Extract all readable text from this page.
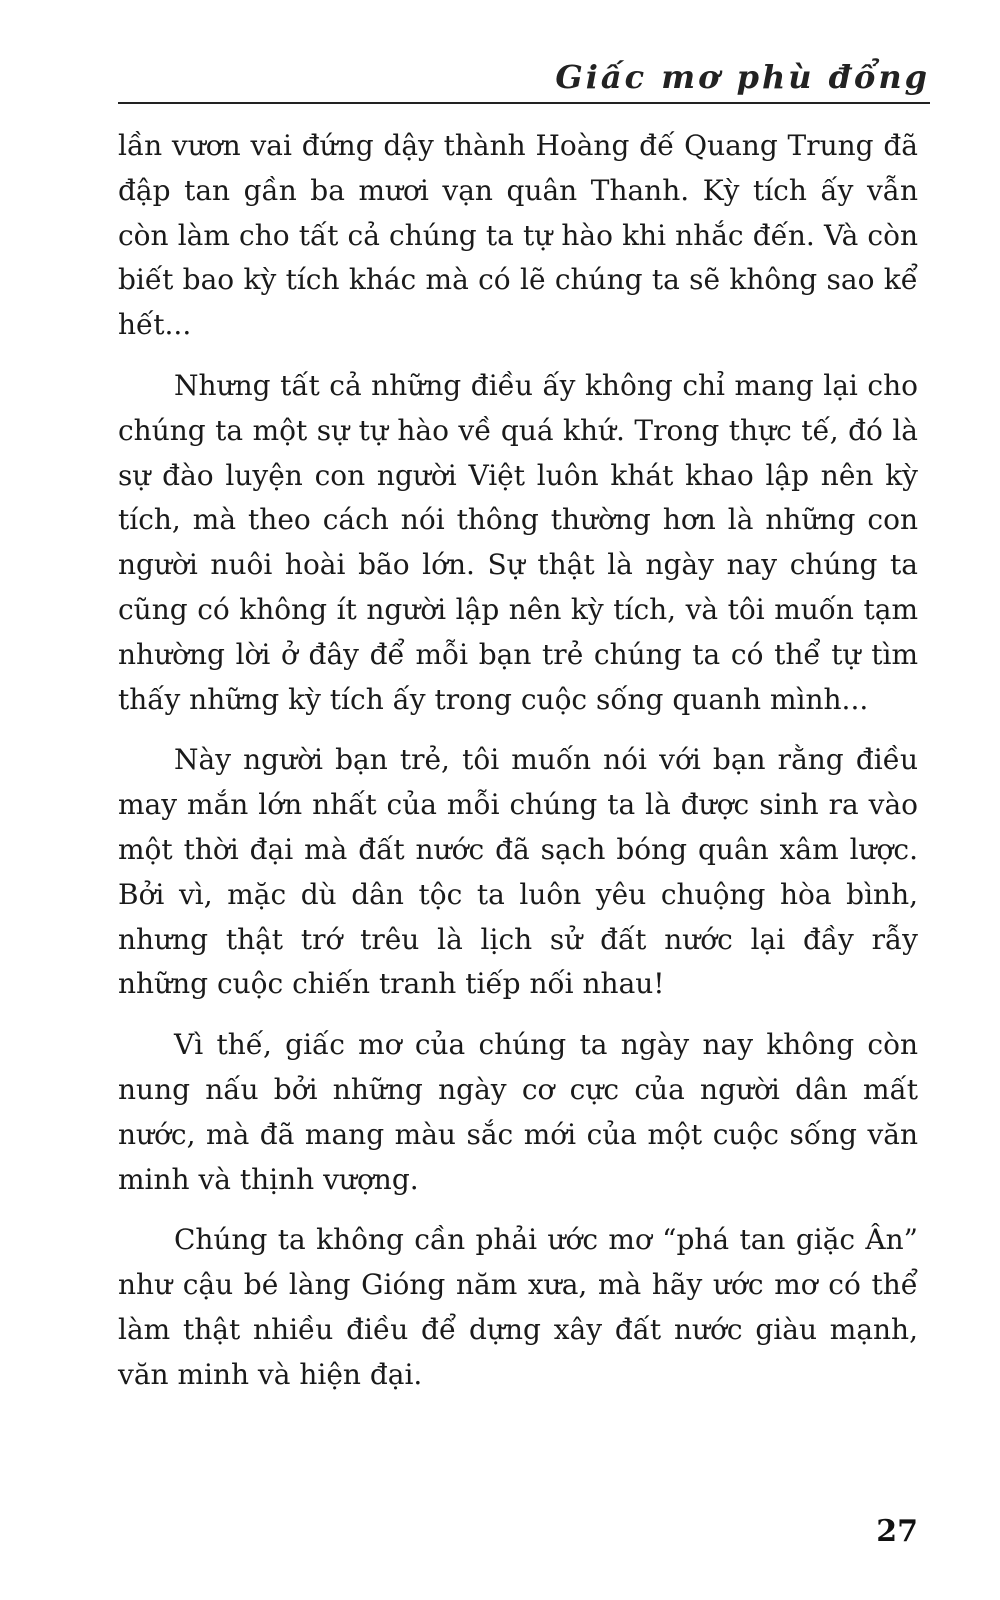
Giấc mơ phù đổng

lần vươn vai đứng dậy thành Hoàng đế Quang Trung đã đập tan gần ba mươi vạn quân Thanh. Kỳ tích ấy vẫn còn làm cho tất cả chúng ta tự hào khi nhắc đến. Và còn biết bao kỳ tích khác mà có lẽ chúng ta sẽ không sao kể hết...

Nhưng tất cả những điều ấy không chỉ mang lại cho chúng ta một sự tự hào về quá khứ. Trong thực tế, đó là sự đào luyện con người Việt luôn khát khao lập nên kỳ tích, mà theo cách nói thông thường hơn là những con người nuôi hoài bão lớn. Sự thật là ngày nay chúng ta cũng có không ít người lập nên kỳ tích, và tôi muốn tạm nhường lời ở đây để mỗi bạn trẻ chúng ta có thể tự tìm thấy những kỳ tích ấy trong cuộc sống quanh mình...

Này người bạn trẻ, tôi muốn nói với bạn rằng điều may mắn lớn nhất của mỗi chúng ta là được sinh ra vào một thời đại mà đất nước đã sạch bóng quân xâm lược. Bởi vì, mặc dù dân tộc ta luôn yêu chuộng hòa bình, nhưng thật trớ trêu là lịch sử đất nước lại đầy rẫy những cuộc chiến tranh tiếp nối nhau!

Vì thế, giấc mơ của chúng ta ngày nay không còn nung nấu bởi những ngày cơ cực của người dân mất nước, mà đã mang màu sắc mới của một cuộc sống văn minh và thịnh vượng.

Chúng ta không cần phải ước mơ “phá tan giặc Ân” như cậu bé làng Gióng năm xưa, mà hãy ước mơ có thể làm thật nhiều điều để dựng xây đất nước giàu mạnh, văn minh và hiện đại.

27
